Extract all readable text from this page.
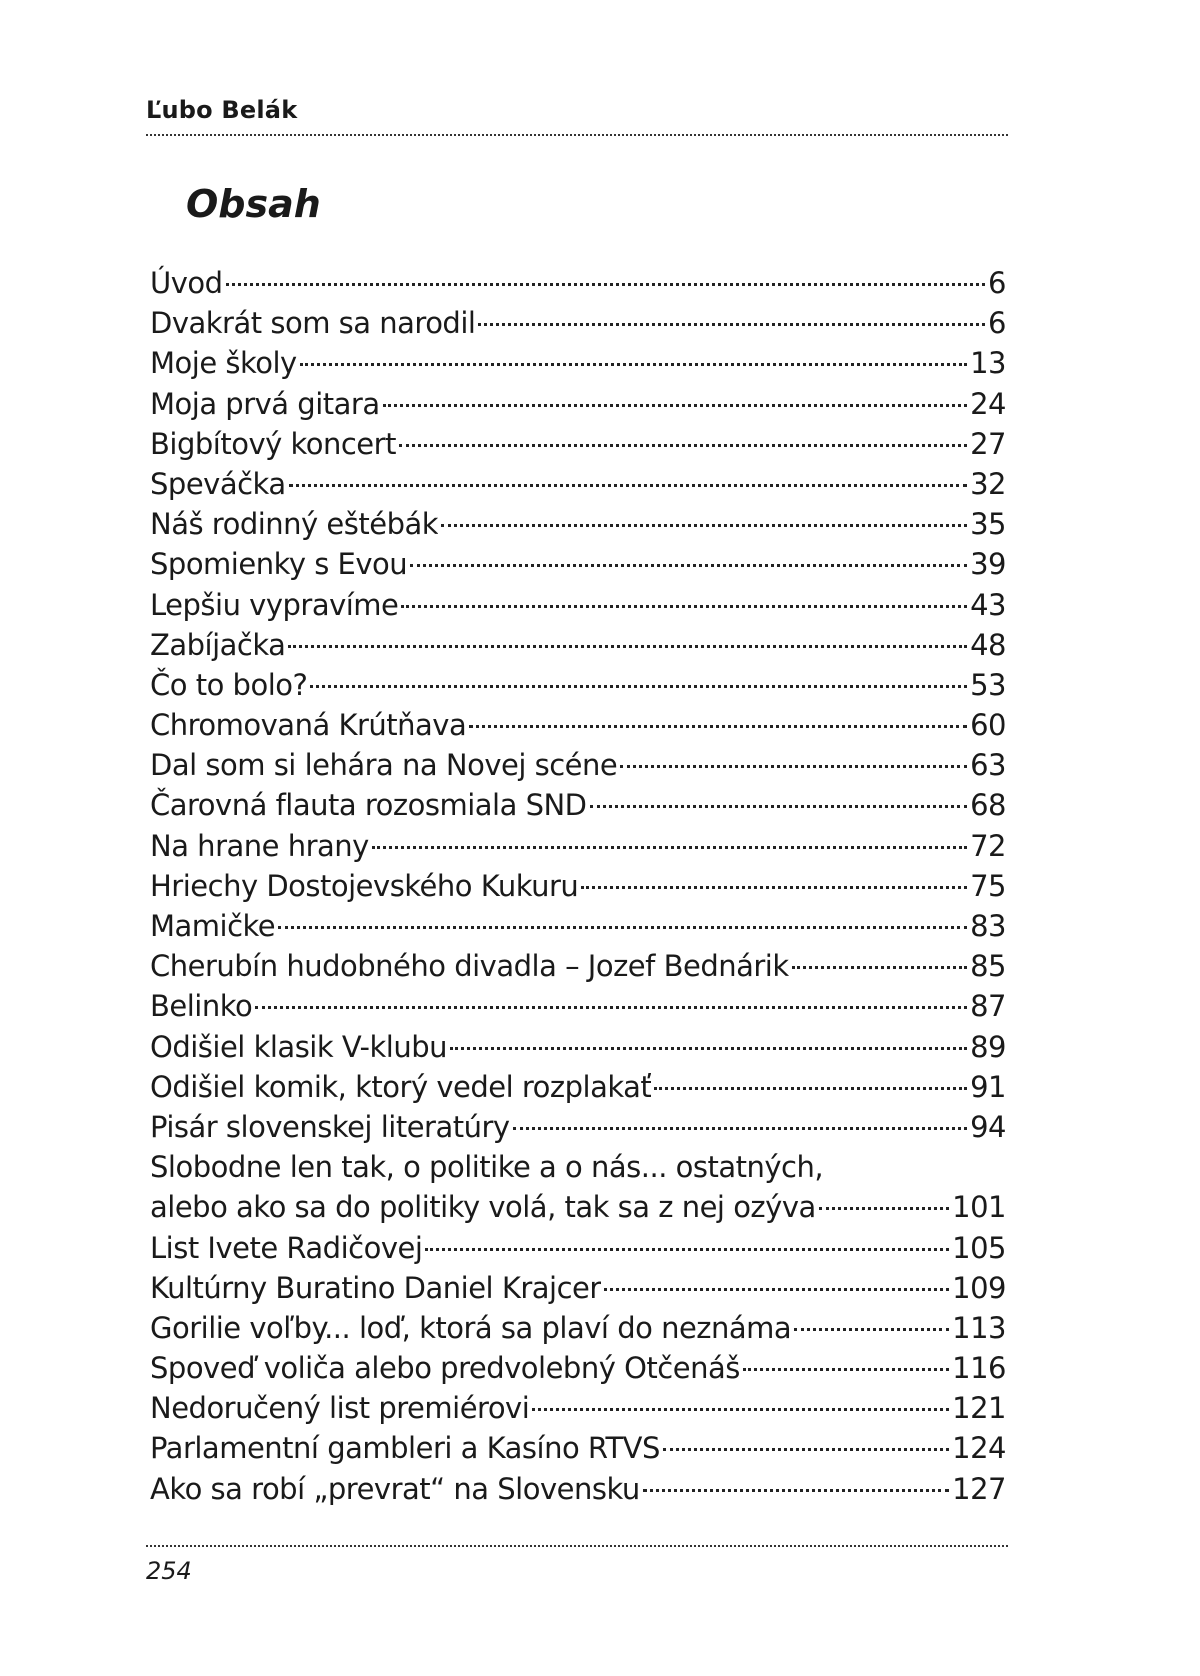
Ľubo Belák
Obsah
Úvod	6
Dvakrát som sa narodil	6
Moje školy	13
Moja prvá gitara	24
Bigbítový koncert	27
Speváčka	32
Náš rodinný eštébák	35
Spomienky s Evou	39
Lepšiu vypravíme	43
Zabíjačka	48
Čo to bolo?	53
Chromovaná Krútňava	60
Dal som si lehára na Novej scéne	63
Čarovná flauta rozosmiala SND	68
Na hrane hrany	72
Hriechy Dostojevského Kukuru	75
Mamičke	83
Cherubín hudobného divadla – Jozef Bednárik	85
Belinko	87
Odišiel klasik V-klubu	89
Odišiel komik, ktorý vedel rozplakať	91
Pisár slovenskej literatúry	94
Slobodne len tak, o politike a o nás... ostatných,
alebo ako sa do politiky volá, tak sa z nej ozýva	101
List Ivete Radičovej	105
Kultúrny Buratino Daniel Krajcer	109
Gorilie voľby... loď, ktorá sa plaví do neznáma	113
Spoveď voliča alebo predvolebný Otčenáš	116
Nedoručený list premiérovi	121
Parlamentní gambleri a Kasíno RTVS	124
Ako sa robí „prevrat“ na Slovensku	127
254
